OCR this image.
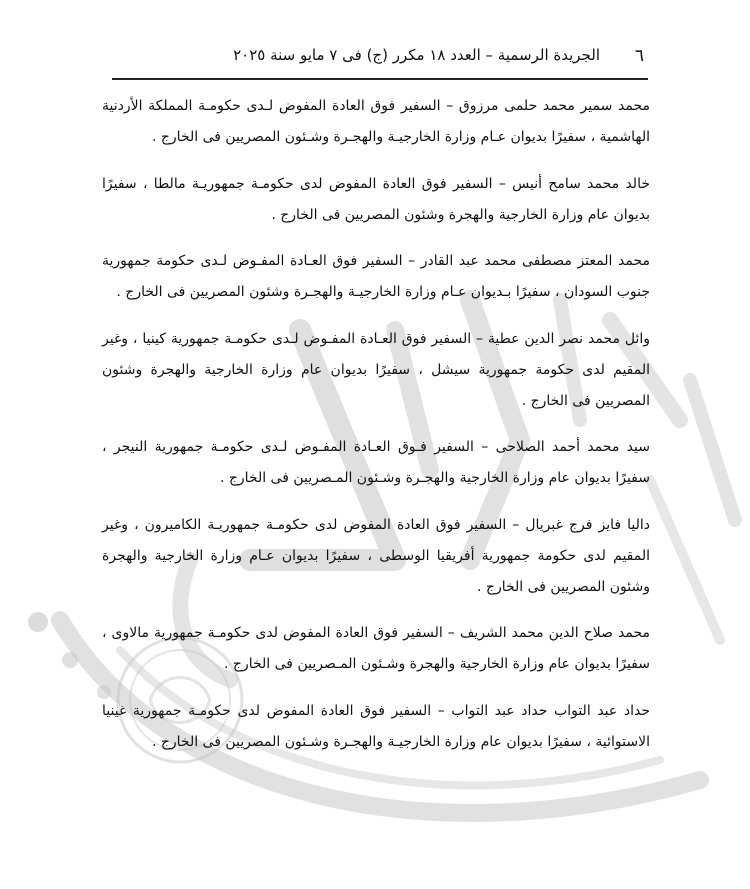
٦
الجريدة الرسمية – العدد ١٨ مكرر (ج) فى ٧ مايو سنة ٢٠٢٥

محمد سمير محمد حلمى مرزوق – السفير فوق العادة المفوض لـدى حكومـة المملكة الأردنية الهاشمية ، سفيرًا بديوان عـام وزارة الخارجيـة والهجـرة وشـئون المصريين فى الخارج .

خالد محمد سامح أنيس – السفير فوق العادة المفوض لدى حكومـة جمهوريـة مالطا ، سفيرًا بديوان عام وزارة الخارجية والهجرة وشئون المصريين فى الخارج .

محمد المعتز مصطفى محمد عبد القادر – السفير فوق العـادة المفـوض لـدى حكومة جمهورية جنوب السودان ، سفيرًا بـديوان عـام وزارة الخارجيـة والهجـرة وشئون المصريين فى الخارج .

وائل محمد نصر الدين عطية – السفير فوق العـادة المفـوض لـدى حكومـة جمهورية كينيا ، وغير المقيم لدى حكومة جمهورية سيشل ، سفيرًا بديوان عام وزارة الخارجية والهجرة وشئون المصريين فى الخارج .

سيد محمد أحمد الصلاحى – السفير فـوق العـادة المفـوض لـدى حكومـة جمهورية النيجر ، سفيرًا بديوان عام وزارة الخارجية والهجـرة وشـئون المـصريين فى الخارج .

داليا فايز فرج غبريال – السفير فوق العادة المفوض لدى حكومـة جمهوريـة الكاميرون ، وغير المقيم لدى حكومة جمهورية أفريقيا الوسطى ، سفيرًا بديوان عـام وزارة الخارجية والهجرة وشئون المصريين فى الخارج .

محمد صلاح الدين محمد الشريف – السفير فوق العادة المفوض لدى حكومـة جمهورية مالاوى ، سفيرًا بديوان عام وزارة الخارجية والهجرة وشـئون المـصريين فى الخارج .

حداد عبد التواب حداد عبد التواب – السفير فوق العادة المفوض لدى حكومـة جمهورية غينيا الاستوائية ، سفيرًا بديوان عام وزارة الخارجيـة والهجـرة وشـئون المصريين فى الخارج .
